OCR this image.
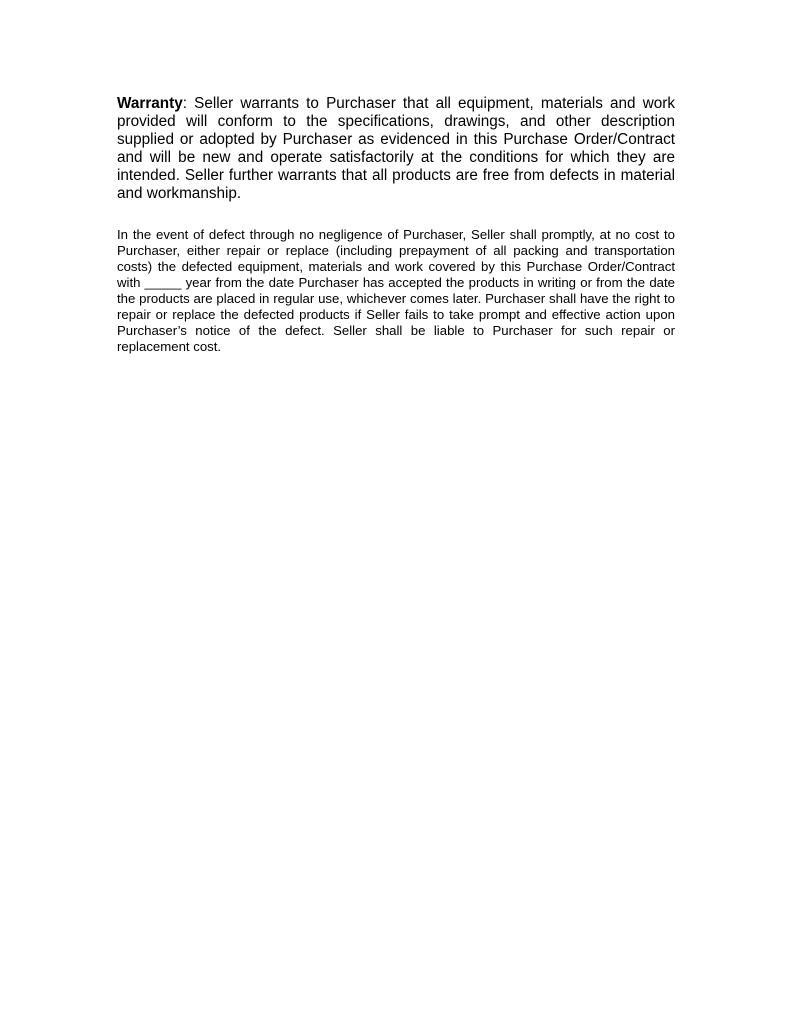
Warranty: Seller warrants to Purchaser that all equipment, materials and work provided will conform to the specifications, drawings, and other description supplied or adopted by Purchaser as evidenced in this Purchase Order/Contract and will be new and operate satisfactorily at the conditions for which they are intended. Seller further warrants that all products are free from defects in material and workmanship.

In the event of defect through no negligence of Purchaser, Seller shall promptly, at no cost to Purchaser, either repair or replace (including prepayment of all packing and transportation costs) the defected equipment, materials and work covered by this Purchase Order/Contract with _____ year from the date Purchaser has accepted the products in writing or from the date the products are placed in regular use, whichever comes later. Purchaser shall have the right to repair or replace the defected products if Seller fails to take prompt and effective action upon Purchaser’s notice of the defect. Seller shall be liable to Purchaser for such repair or replacement cost.
